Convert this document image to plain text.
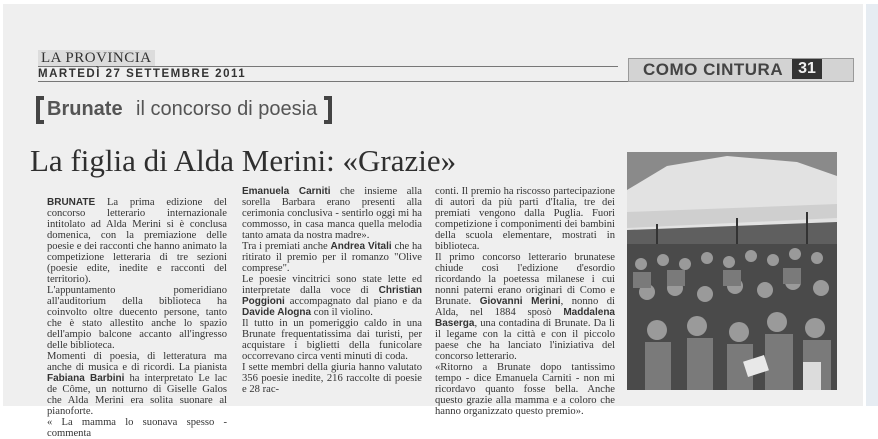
LA PROVINCIA
MARTEDÌ 27 SETTEMBRE 2011	COMO CINTURA 31
Brunate il concorso di poesia
La figlia di Alda Merini: «Grazie»

BRUNATE La prima edizione del concorso letterario internazionale intitolato ad Alda Merini si è conclusa domenica, con la premiazione delle poesie e dei racconti che hanno animato la competizione letteraria di tre sezioni (poesie edite, inedite e racconti del territorio).

L'appuntamento pomeridiano all'auditorium della biblioteca ha coinvolto oltre duecento persone, tanto che è stato allestito anche lo spazio dell'ampio balcone accanto all'ingresso delle biblioteca.

Momenti di poesia, di letteratura ma anche di musica e di ricordi. La pianista Fabiana Barbini ha interpretato Le lac de Côme, un notturno di Giselle Galos che Alda Merini era solita suonare al pianoforte.

« La mamma lo suonava spesso - commenta

Emanuela Carniti che insieme alla sorella Barbara erano presenti alla cerimonia conclusiva - sentirlo oggi mi ha commosso, in casa manca quella melodia tanto amata da nostra madre».

Tra i premiati anche Andrea Vitali che ha ritirato il premio per il romanzo "Olive comprese".

Le poesie vincitrici sono state lette ed interpretate dalla voce di Christian Poggioni accompagnato dal piano e da Davide Alogna con il violino.

Il tutto in un pomeriggio caldo in una Brunate frequentatissima dai turisti, per acquistare i biglietti della funicolare occorrevano circa venti minuti di coda.

I sette membri della giuria hanno valutato 356 poesie inedite, 216 raccolte di poesie e 28 rac-

conti. Il premio ha riscosso partecipazione di autori da più parti d'Italia, tre dei premiati vengono dalla Puglia. Fuori competizione i componimenti dei bambini della scuola elementare, mostrati in biblioteca.

Il primo concorso letterario brunatese chiude così l'edizione d'esordio ricordando la poetessa milanese i cui nonni paterni erano originari di Como e Brunate. Giovanni Merini, nonno di Alda, nel 1884 sposò Maddalena Baserga, una contadina di Brunate. Da lì il legame con la città e con il piccolo paese che ha lanciato l'iniziativa del concorso letterario.

«Ritorno a Brunate dopo tantissimo tempo - dice Emanuela Carniti - non mi ricordavo quanto fosse bella. Anche questo grazie alla mamma e a coloro che hanno organizzato questo premio».
